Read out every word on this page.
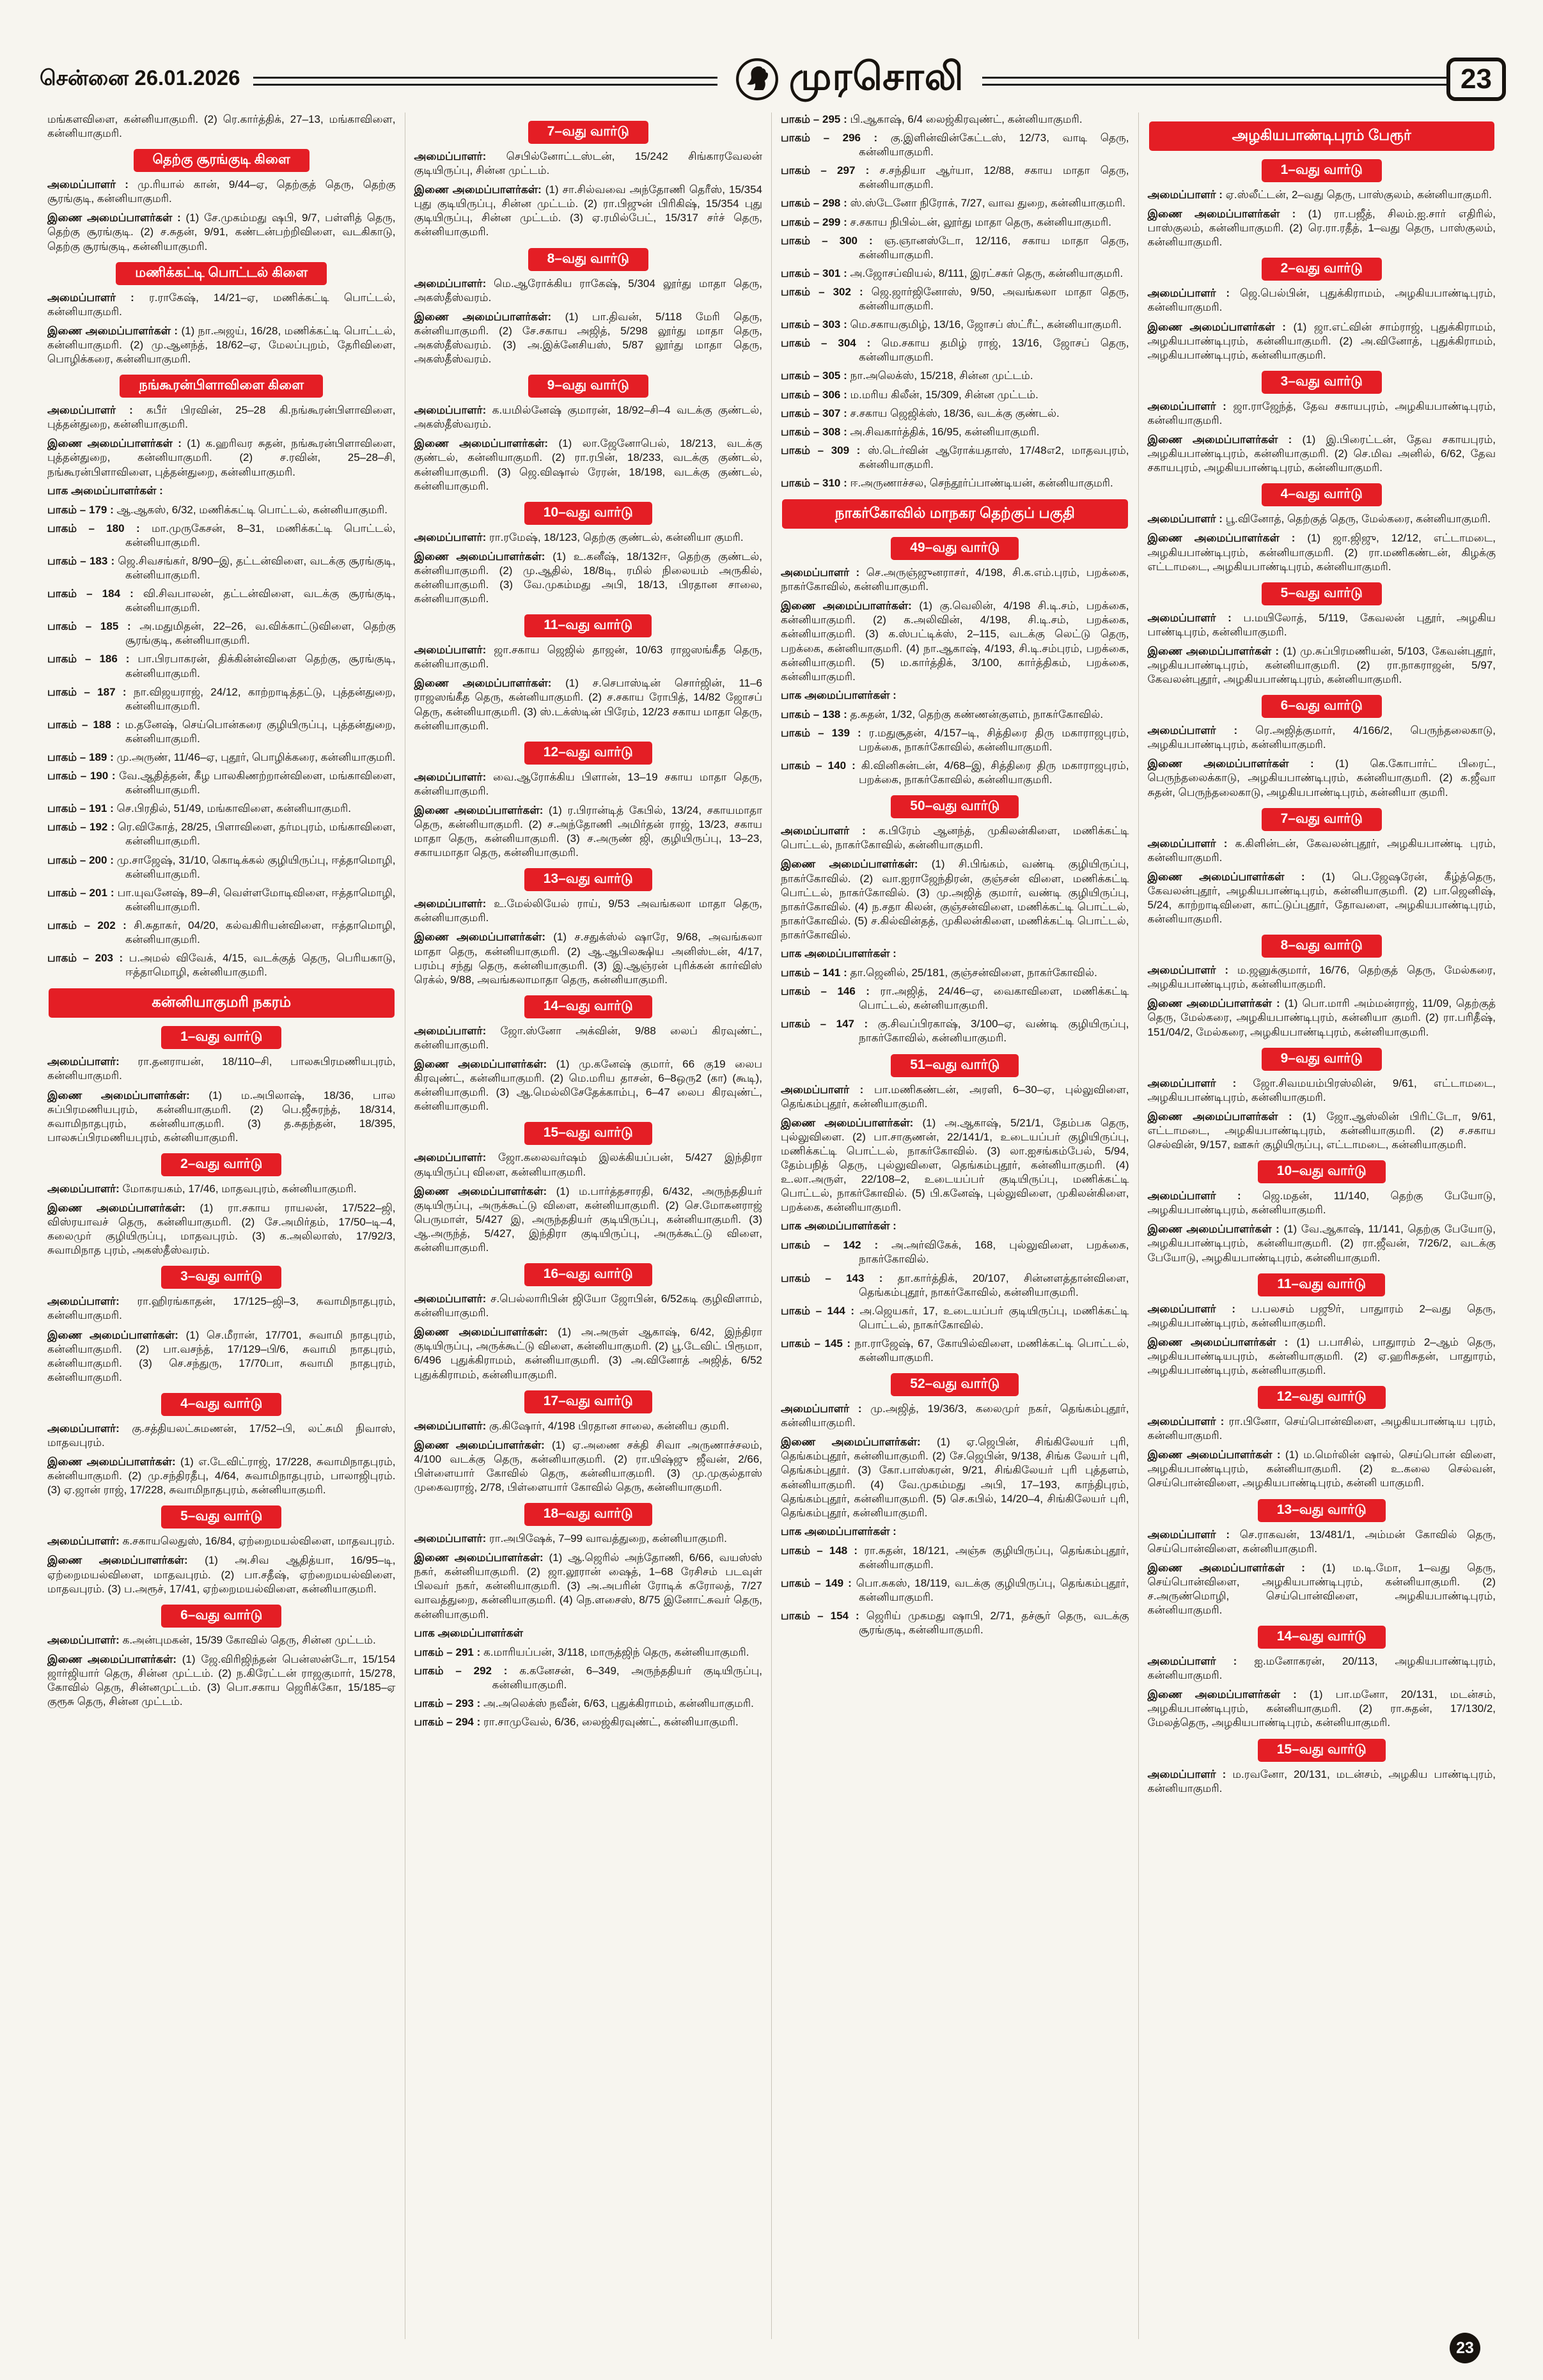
சென்னை 26.01.2026	முரசொலி	23
மங்களவிளை, கன்னியாகுமரி. (2) ரெ.கார்த்திக், 27–13, மங்காவிளை, கன்னியாகுமரி.
தெற்கு சூரங்குடி கிளை
அமைப்பாளர் : மு.ரியால் கான், 9/44–ஏ, தெற்குத் தெரு, தெற்கு சூரங்குடி, கன்னியாகுமரி.
இணை அமைப்பாளர்கள் : (1) சே.முகம்மது ஷபி, 9/7, பள்ளித் தெரு, தெற்கு சூரங்குடி. (2) ச.சுதன், 9/91, கண்டன்பற்றிவிளை, வடகிகாடு, தெற்கு சூரங்குடி, கன்னியாகுமரி.
மணிக்கட்டி பொட்டல் கிளை
அமைப்பாளர் : ர.ராகேஷ், 14/21–ஏ, மணிக்கட்டி பொட்டல், கன்னியாகுமரி.
இணை அமைப்பாளர்கள் : (1) நா.அஜய், 16/28, மணிக்கட்டி பொட்டல், கன்னியாகுமரி. (2) மு.ஆனந்த், 18/62–ஏ, மேலப்புறம், தேரிவிளை, பொழிக்கரை, கன்னியாகுமரி.
நங்கூரன்பிளாவிளை கிளை
அமைப்பாளர் : கபீர் பிரவின், 25–28 கி.நங்கூரன்பிளாவிளை, புத்தன்துறை, கன்னியாகுமரி.
இணை அமைப்பாளர்கள் : (1) க.ஹரிவர சுதன், நங்கூரன்பிளாவிளை, புத்தன்துறை, கன்னியாகுமரி. (2) ச.ரவின், 25–28–சி, நங்கூரன்பிளாவிளை, புத்தன்துறை, கன்னியாகுமரி.
பாக அமைப்பாளர்கள் :
பாகம் – 179 : ஆ.ஆகஸ், 6/32, மணிக்கட்டி பொட்டல், கன்னியாகுமரி.
பாகம் – 180 : மா.முருகேசன், 8–31, மணிக்கட்டி பொட்டல், கன்னியாகுமரி.
பாகம் – 183 : ஜெ.சிவசங்கர், 8/90–இ, தட்டன்விளை, வடக்கு சூரங்குடி, கன்னியாகுமரி.
பாகம் – 184 : வி.சிவபாலன், தட்டன்விளை, வடக்கு சூரங்குடி, கன்னியாகுமரி.
பாகம் – 185 : அ.மதுமிதன், 22–26, வ.விக்காட்டுவிளை, தெற்கு சூரங்குடி, கன்னியாகுமரி.
பாகம் – 186 : பா.பிரபாகரன், திக்கின்ன்விளை தெற்கு, சூரங்குடி, கன்னியாகுமரி.
பாகம் – 187 : நா.விஜயராஜ், 24/12, காற்றாடித்தட்டு, புத்தன்துறை, கன்னியாகுமரி.
பாகம் – 188 : ம.தனேஷ், செய்பொன்கரை குழியிருப்பு, புத்தன்துறை, கன்னியாகுமரி.
பாகம் – 189 : மு.அருண், 11/46–ஏ, புதூர், பொழிக்கரை, கன்னியாகுமரி.
பாகம் – 190 : வே.ஆதித்தன், கீழ பாலகிணற்றான்விளை, மங்காவிளை, கன்னியாகுமரி.
பாகம் – 191 : செ.பிரதில், 51/49, மங்காவிளை, கன்னியாகுமரி.
பாகம் – 192 : ரெ.விகோத், 28/25, பிளாவிளை, தர்மபுரம், மங்காவிளை, கன்னியாகுமரி.
பாகம் – 200 : மு.சாஜேஷ், 31/10, கொடிக்கல் குழியிருப்பு, ஈத்தாமொழி, கன்னியாகுமரி.
பாகம் – 201 : பா.யுவனேஷ், 89–சி, வெள்ளமோடிவிளை, ஈத்தாமொழி, கன்னியாகுமரி.
பாகம் – 202 : சி.சுதாகர், 04/20, கல்வகிரியன்விளை, ஈத்தாமொழி, கன்னியாகுமரி.
பாகம் – 203 : ப.அமல் விவேக், 4/15, வடக்குத் தெரு, பெரியகாடு, ஈத்தாமொழி, கன்னியாகுமரி.
கன்னியாகுமரி நகரம்
1–வது வார்டு
அமைப்பாளர்: ரா.தனராயன், 18/110–சி, பாலசுபிரமணியபுரம், கன்னியாகுமரி.
இணை அமைப்பாளர்கள்: (1) ம.அபிலாஷ், 18/36, பால சுப்பிரமணியபுரம், கன்னியாகுமரி. (2) பெ.ஜீசுரந்த், 18/314, சுவாமிநாதபுரம், கன்னியாகுமரி. (3) த.சுதந்தன், 18/395, பாலசுப்பிரமணியபுரம், கன்னியாகுமரி.
2–வது வார்டு
அமைப்பாளர்: மோகரயகம், 17/46, மாதவபுரம், கன்னியாகுமரி.
இணை அமைப்பாளர்கள்: (1) ரா.சகாய ராயலன், 17/522–ஜி, விஸ்ரயாவச் தெரு, கன்னியாகுமரி. (2) சே.அமிர்தம், 17/50–டி–4, கலைமுர் குழியிருப்பு, மாதவபுரம். (3) க.அலிலாஸ், 17/92/3, சுவாமிநாத புரம், அகஸ்தீஸ்வரம்.
3–வது வார்டு
அமைப்பாளர்: ரா.ஹிரங்காதன், 17/125–ஜி–3, சுவாமிநாதபுரம், கன்னியாகுமரி.
இணை அமைப்பாளர்கள்: (1) செ.மீரான், 17/701, சுவாமி நாதபுரம், கன்னியாகுமரி. (2) பா.வசந்த், 17/129–பி/6, சுவாமி நாதபுரம், கன்னியாகுமரி. (3) செ.சந்துரு, 17/70பா, சுவாமி நாதபுரம், கன்னியாகுமரி.
4–வது வார்டு
அமைப்பாளர்: கு.சத்தியலட்சுமணன், 17/52–பி, லட்சுமி நிவாஸ், மாதவபுரம்.
இணை அமைப்பாளர்கள்: (1) எ.டேவிட்ராஜ், 17/228, சுவாமிநாதபுரம், கன்னியாகுமரி. (2) மு.சந்திரதீபு, 4/64, சுவாமிநாதபுரம், பாலாஜிபுரம். (3) ஏ.ஜான் ராஜ், 17/228, சுவாமிநாதபுரம், கன்னியாகுமரி.
5–வது வார்டு
அமைப்பாளர்: க.சகாயலெதுஸ், 16/84, ஏற்றைமயல்விளை, மாதவபுரம்.
இணை அமைப்பாளர்கள்: (1) அ.சிவ ஆதித்யா, 16/95–டி, ஏற்றைமயல்விளை, மாதவபுரம். (2) பா.சதீஷ், ஏற்றைமயல்விளை, மாதவபுரம். (3) ப.அரூச், 17/41, ஏற்றைமயல்விளை, கன்னியாகுமரி.
6–வது வார்டு
அமைப்பாளர்: க.அன்புமகன், 15/39 கோவில் தெரு, சின்ன முட்டம்.
இணை அமைப்பாளர்கள்: (1) ஜே.விரிஜிந்தன் பென்ஸன்டோ, 15/154 ஜார்ஜியார் தெரு, சின்ன முட்டம். (2) ந.கிரேட்டன் ராஜகுமார், 15/278, கோவில் தெரு, சின்னமுட்டம். (3) பொ.சகாய ஜெரிக்கோ, 15/185–ஏ குரூசு தெரு, சின்ன முட்டம்.
7–வது வார்டு
அமைப்பாளர்: செபில்னோட்டஸ்டன், 15/242 சிங்காரவேலன் குடியிருப்பு, சின்ன முட்டம்.
இணை அமைப்பாளர்கள்: (1) சா.சில்வவை அந்தோணி தெரீஸ், 15/354 புது குடியிருப்பு, சின்ன முட்டம். (2) ரா.பிஜுன் பிரிகிஷ், 15/354 புது குடியிருப்பு, சின்ன முட்டம். (3) ஏ.ரமில்பேட், 15/317 சர்ச் தெரு, கன்னியாகுமரி.
8–வது வார்டு
அமைப்பாளர்: மெ.ஆரோக்கிய ராகேஷ், 5/304 லூர்து மாதா தெரு, அகஸ்தீஸ்வரம்.
இணை அமைப்பாளர்கள்: (1) பா.திவன், 5/118 மேரி தெரு, கன்னியாகுமரி. (2) சே.சகாய அஜித், 5/298 லூர்து மாதா தெரு, அகஸ்தீஸ்வரம். (3) அ.இக்னேசியஸ், 5/87 லூர்து மாதா தெரு, அகஸ்தீஸ்வரம்.
9–வது வார்டு
அமைப்பாளர்: க.யமில்னேஷ் குமாரன், 18/92–சி–4 வடக்கு குண்டல், அகஸ்தீஸ்வரம்.
இணை அமைப்பாளர்கள்: (1) லா.ஜேனோபெல், 18/213, வடக்கு குண்டல், கன்னியாகுமரி. (2) ரா.ரபின், 18/233, வடக்கு குண்டல், கன்னியாகுமரி. (3) ஜெ.விஷால் ரேரன், 18/198, வடக்கு குண்டல், கன்னியாகுமரி.
10–வது வார்டு
அமைப்பாளர்: ரா.ரமேஷ், 18/123, தெற்கு குண்டல், கன்னியா குமரி.
இணை அமைப்பாளர்கள்: (1) உ.கனீஷ், 18/132ஈ, தெற்கு குண்டல், கன்னியாகுமரி. (2) மு.ஆதில், 18/8டி, ரமில் நிலையம் அருகில், கன்னியாகுமரி. (3) வே.முகம்மது அபி, 18/13, பிரதான சாலை, கன்னியாகுமரி.
11–வது வார்டு
அமைப்பாளர்: ஜா.சகாய ஜெஜில் தாஜன், 10/63 ராஜஸங்கீத தெரு, கன்னியாகுமரி.
இணை அமைப்பாளர்கள்: (1) ச.செபாஸ்டின் சொர்ஜின், 11–6 ராஜஸங்கீத தெரு, கன்னியாகுமரி. (2) ச.சகாய ரோபித், 14/82 ஜோசப் தெரு, கன்னியாகுமரி. (3) ஸ்.டக்ஸ்டின் பிரேம், 12/23 சகாய மாதா தெரு, கன்னியாகுமரி.
12–வது வார்டு
அமைப்பாளர்: வை.ஆரோக்கிய பிளான், 13–19 சகாய மாதா தெரு, கன்னியாகுமரி.
இணை அமைப்பாளர்கள்: (1) ர.பிரான்டித் கேபில், 13/24, சகாயமாதா தெரு, கன்னியாகுமரி. (2) ச.அந்தோணி அமிர்தன் ராஜ், 13/23, சகாய மாதா தெரு, கன்னியாகுமரி. (3) ச.அருண் ஜி, குழியிருப்பு, 13–23, சகாயமாதா தெரு, கன்னியாகுமரி.
13–வது வார்டு
அமைப்பாளர்: உ.மேல்லியேல் ராய், 9/53 அவங்கலா மாதா தெரு, கன்னியாகுமரி.
இணை அமைப்பாளர்கள்: (1) ச.சதுக்ஸ்ல் ஷாரே, 9/68, அவங்கலா மாதா தெரு, கன்னியாகுமரி. (2) ஆ.ஆபிலக்ஷிய அனிஸ்டன், 4/17, பரம்பு சந்து தெரு, கன்னியாகுமரி. (3) இ.ஆஞ்ரன் புரிக்கன் கார்விஸ் ரெக்ல், 9/88, அவங்கலாமாதா தெரு, கன்னியாகுமரி.
14–வது வார்டு
அமைப்பாளர்: ஜோ.ஸ்னோ அக்வின், 9/88 லைப் கிரவுண்ட், கன்னியாகுமரி.
இணை அமைப்பாளர்கள்: (1) மு.கனேஷ் குமார், 66 கு19 லைப கிரவுண்ட், கன்னியாகுமரி. (2) மெ.மரிய தாசன், 6–8ஒரு2 (கா) (கூடி), கன்னியாகுமரி. (3) ஆ.மெல்லிசேதேக்காம்பு, 6–47 லைப கிரவுண்ட், கன்னியாகுமரி.
15–வது வார்டு
அமைப்பாளர்: ஜோ.கலைவர்ஷம் இலக்கியப்பன், 5/427 இந்திரா குடியிருப்பு விளை, கன்னியாகுமரி.
இணை அமைப்பாளர்கள்: (1) ம.பார்த்தசாரதி, 6/432, அருந்ததியர் குடியிருப்பு, அருக்கூட்டு விளை, கன்னியாகுமரி. (2) செ.மோகனராஜ் பெருமாள், 5/427 இ, அருந்ததியர் குடியிருப்பு, கன்னியாகுமரி. (3) ஆ.அருந்த், 5/427, இந்திரா குடியிருப்பு, அருக்கூட்டு விளை, கன்னியாகுமரி.
16–வது வார்டு
அமைப்பாளர்: ச.பெல்லாரிபின் ஜியோ ஜோபின், 6/52கடி குழிவிளாம், கன்னியாகுமரி.
இணை அமைப்பாளர்கள்: (1) அ.அருள் ஆகாஷ், 6/42, இந்திரா குடியிருப்பு, அருக்கூட்டு விளை, கன்னியாகுமரி. (2) பூ.டேவிட் பிரூமா, 6/496 புதுக்கிராமம், கன்னியாகுமரி. (3) அ.வினோத் அஜித், 6/52 புதுக்கிராமம், கன்னியாகுமரி.
17–வது வார்டு
அமைப்பாளர்: கு.கிஷோர், 4/198 பிரதான சாலை, கன்னிய குமரி.
இணை அமைப்பாளர்கள்: (1) ஏ.அணை சக்தி சிவா அருணாச்சலம், 4/100 வடக்கு தெரு, கன்னியாகுமரி. (2) ரா.யிஷ்ஜு ஜீவன், 2/66, பிள்ளையார் கோவில் தெரு, கன்னியாகுமரி. (3) மு.முகுல்தாஸ் முகைவராஜ், 2/78, பிள்ளையார் கோவில் தெரு, கன்னியாகுமரி.
18–வது வார்டு
அமைப்பாளர்: ரா.அபிஷேக், 7–99 வாவத்துறை, கன்னியாகுமரி.
இணை அமைப்பாளர்கள்: (1) ஆ.ஜெரில் அந்தோணி, 6/66, வயஸ்ஸ் நகர், கன்னியாகுமரி. (2) ஜா.லூரான் ஷைத், 1–68 ரேசிசம் படவுள் பிலவர் நகர், கன்னியாகுமரி. (3) அ.அபரின் ரோடிக் கரோலத், 7/27 வாவத்துறை, கன்னியாகுமரி. (4) நெ.ளசைஸ், 8/75 இனோட்சுவர் தெரு, கன்னியாகுமரி.
பாக அமைப்பாளர்கள்
பாகம் – 291 : க.மாரியப்பன், 3/118, மாருத்ஜிந் தெரு, கன்னியாகுமரி.
பாகம் – 292 : க.கனேசன், 6–349, அருந்ததியர் குடியிருப்பு, கன்னியாகுமரி.
பாகம் – 293 : அ.அலெக்ஸ் நவீன், 6/63, புதுக்கிராமம், கன்னியாகுமரி.
பாகம் – 294 : ரா.சாமுவேல், 6/36, லைஜ்கிரவுண்ட், கன்னியாகுமரி.
பாகம் – 295 : பி.ஆகாஷ், 6/4 லைஜ்கிரவுண்ட், கன்னியாகுமரி.
பாகம் – 296 : கு.இளின்வின்கேட்டஸ், 12/73, வாடி தெரு, கன்னியாகுமரி.
பாகம் – 297 : ச.சந்தியா ஆர்யா, 12/88, சகாய மாதா தெரு, கன்னியாகுமரி.
பாகம் – 298 : ஸ்.ஸ்டேனோ நிரோக், 7/27, வாவ துறை, கன்னியாகுமரி.
பாகம் – 299 : ச.சகாய நிபில்டன், லூர்து மாதா தெரு, கன்னியாகுமரி.
பாகம் – 300 : ஞ.ஞானஸ்டோ, 12/116, சகாய மாதா தெரு, கன்னியாகுமரி.
பாகம் – 301 : அ.ஜோசப்வியல், 8/111, இரட்சகர் தெரு, கன்னியாகுமரி.
பாகம் – 302 : ஜெ.ஜார்ஜினோஸ், 9/50, அவங்கலா மாதா தெரு, கன்னியாகுமரி.
பாகம் – 303 : மெ.சகாயகுமிழ், 13/16, ஜோசப் ஸ்ட்ரீட், கன்னியாகுமரி.
பாகம் – 304 : மெ.சகாய தமிழ் ராஜ், 13/16, ஜோசப் தெரு, கன்னியாகுமரி.
பாகம் – 305 : நா.அலெக்ஸ், 15/218, சின்ன முட்டம்.
பாகம் – 306 : ம.மரிய கிலீன், 15/309, சின்ன முட்டம்.
பாகம் – 307 : ச.சகாய ஜெஜிக்ஸ், 18/36, வடக்கு குண்டல்.
பாகம் – 308 : அ.சிவகார்த்திக், 16/95, கன்னியாகுமரி.
பாகம் – 309 : ஸ்.டெர்வின் ஆரோக்யதாஸ், 17/48எ2, மாதவபுரம், கன்னியாகுமரி.
பாகம் – 310 : ஈ.அருணாச்சல, செந்தூர்ப்பாண்டியன், கன்னியாகுமரி.
நாகர்கோவில் மாநகர தெற்குப் பகுதி
49–வது வார்டு
அமைப்பாளர் : செ.அருஞ்ஜுனராசர், 4/198, சி.க.எம்.புரம், பறக்கை, நாகர்கோவில், கன்னியாகுமரி.
இணை அமைப்பாளர்கள்: (1) கு.வெலின், 4/198 சி.டி.சம், பறக்கை, கன்னியாகுமரி. (2) க.அலிவின், 4/198, சி.டி.சம், பறக்கை, கன்னியாகுமரி. (3) க.ஸ்பட்டிக்ஸ், 2–115, வடக்கு லெட்டு தெரு, பறக்கை, கன்னியாகுமரி. (4) நா.ஆகாஷ், 4/193, சி.டி.சம்புரம், பறக்கை, கன்னியாகுமரி. (5) ம.கார்த்திக், 3/100, கார்த்திகம், பறக்கை, கன்னியாகுமரி.
பாக அமைப்பாளர்கள் :
பாகம் – 138 : த.சுதன், 1/32, தெற்கு கண்ணன்குளம், நாகர்கோவில்.
பாகம் – 139 : ர.மதுசூதன், 4/157–டி, சித்திரை திரு மகாராஜபுரம், பறக்கை, நாகர்கோவில், கன்னியாகுமரி.
பாகம் – 140 : கி.வினிசுன்டன், 4/68–இ, சித்திரை திரு மகாராஜபுரம், பறக்கை, நாகர்கோவில், கன்னியாகுமரி.
50–வது வார்டு
அமைப்பாளர் : க.பிரேம் ஆனந்த், முகிலன்கிளை, மணிக்கட்டி பொட்டல், நாகர்கோவில், கன்னியாகுமரி.
இணை அமைப்பாளர்கள்: (1) சி.பிங்கம், வண்டி குழியிருப்பு, நாகர்கோவில். (2) வா.ஐராஜேந்திரன், குஞ்சன் விளை, மணிக்கட்டி பொட்டல், நாகர்கோவில். (3) மு.அஜித் குமார், வண்டி குழியிருப்பு, நாகர்கோவில். (4) ந.சதா கிலன், குஞ்சன்விளை, மணிக்கட்டி பொட்டல், நாகர்கோவில். (5) ச.கில்வின்தத், முகிலன்கிளை, மணிக்கட்டி பொட்டல், நாகர்கோவில்.
பாக அமைப்பாளர்கள் :
பாகம் – 141 : தா.ஜெனில், 25/181, குஞ்சன்விளை, நாகர்கோவில்.
பாகம் – 146 : ரா.அஜித், 24/46–ஏ, வைகாவிளை, மணிக்கட்டி பொட்டல், கன்னியாகுமரி.
பாகம் – 147 : கு.சிவப்பிரகாஷ், 3/100–ஏ, வண்டி குழியிருப்பு, நாகர்கோவில், கன்னியாகுமரி.
51–வது வார்டு
அமைப்பாளர் : பா.மணிகண்டன், அரளி, 6–30–ஏ, புல்லுவிளை, தெங்கம்புதூர், கன்னியாகுமரி.
இணை அமைப்பாளர்கள்: (1) அ.ஆகாஷ், 5/21/1, தேம்பக தெரு, புல்லுவிளை. (2) பா.சாகுணன், 22/141/1, உடையப்பர் குழியிருப்பு, மணிக்கட்டி பொட்டல், நாகர்கோவில். (3) லா.ஐசங்கம்பேல், 5/94, தேம்பநித் தெரு, புல்லுவிளை, தெங்கம்புதூர், கன்னியாகுமரி. (4) உ.லா.அருள், 22/108–2, உடையப்பர் குடியிருப்பு, மணிக்கட்டி பொட்டல், நாகர்கோவில். (5) பி.கனேஷ், புல்லுவிளை, முகிலன்கிளை, பறக்கை, கன்னியாகுமரி.
பாக அமைப்பாளர்கள் :
பாகம் – 142 : அ.அர்விகேக், 168, புல்லுவிளை, பறக்கை, நாகர்கோவில்.
பாகம் – 143 : தா.கார்த்திக், 20/107, சின்னளத்தான்விளை, தெங்கம்புதூர், நாகர்கோவில், கன்னியாகுமரி.
பாகம் – 144 : அ.ஜெயகர், 17, உடையப்பர் குடியிருப்பு, மணிக்கட்டி பொட்டல், நாகர்கோவில்.
பாகம் – 145 : நா.ராஜேஷ், 67, கோயில்விளை, மணிக்கட்டி பொட்டல், கன்னியாகுமரி.
52–வது வார்டு
அமைப்பாளர் : மு.அஜித், 19/36/3, கலைமுர் நகர், தெங்கம்புதூர், கன்னியாகுமரி.
இணை அமைப்பாளர்கள்: (1) ஏ.ஜெபின், சிங்கிலேயர் புரி, தெங்கம்புதூர், கன்னியாகுமரி. (2) சே.ஜெபின், 9/138, சிங்க லேயர் புரி, தெங்கம்புதூர். (3) கோ.பாஸ்கரன், 9/21, சிங்கிலேயர் புரி புத்தளம், கன்னியாகுமரி. (4) வே.முகம்மது அபி, 17–193, காந்திபுரம், தெங்கம்புதூர், கன்னியாகுமரி. (5) செ.கபில், 14/20–4, சிங்கிலேயர் புரி, தெங்கம்புதூர், கன்னியாகுமரி.
பாக அமைப்பாளர்கள் :
பாகம் – 148 : ரா.சுதன், 18/121, அஞ்சு குழியிருப்பு, தெங்கம்புதூர், கன்னியாகுமரி.
பாகம் – 149 : பொ.சுகஸ், 18/119, வடக்கு குழியிருப்பு, தெங்கம்புதூர், கன்னியாகுமரி.
பாகம் – 154 : ஜெரிய் முகமது ஷாபி, 2/71, தச்சூர் தெரு, வடக்கு சூரங்குடி, கன்னியாகுமரி.
அழகியபாண்டிபுரம் பேரூர்
1–வது வார்டு
அமைப்பாளர் : ஏ.ஸ்லீட்டன், 2–வது தெரு, பாஸ்குலம், கன்னியாகுமரி.
இணை அமைப்பாளர்கள் : (1) ரா.பஜீத், சிலம்.ஐ.சார் எதிரில், பாஸ்குலம், கன்னியாகுமரி. (2) ரெ.ரா.ரதீத், 1–வது தெரு, பாஸ்குலம், கன்னியாகுமரி.
2–வது வார்டு
அமைப்பாளர் : ஜெ.பெல்பின், புதுக்கிராமம், அழகியபாண்டிபுரம், கன்னியாகுமரி.
இணை அமைப்பாளர்கள் : (1) ஜா.எட்வின் சாம்ராஜ், புதுக்கிராமம், அழகியபாண்டிபுரம், கன்னியாகுமரி. (2) அ.வினோத், புதுக்கிராமம், அழகியபாண்டிபுரம், கன்னியாகுமரி.
3–வது வார்டு
அமைப்பாளர் : ஜா.ராஜேந்த், தேவ சகாயபுரம், அழகியபாண்டிபுரம், கன்னியாகுமரி.
இணை அமைப்பாளர்கள் : (1) இ.பிரைட்டன், தேவ சகாயபுரம், அழகியபாண்டிபுரம், கன்னியாகுமரி. (2) செ.மிவ அனில், 6/62, தேவ சகாயபுரம், அழகியபாண்டிபுரம், கன்னியாகுமரி.
4–வது வார்டு
அமைப்பாளர் : பூ.வினோத், தெற்குத் தெரு, மேல்கரை, கன்னியாகுமரி.
இணை அமைப்பாளர்கள் : (1) ஜா.ஜிஜு, 12/12, எட்டாமடை, அழகியபாண்டிபுரம், கன்னியாகுமரி. (2) ரா.மணிகண்டன், கிழக்கு எட்டாமடை, அழகியபாண்டிபுரம், கன்னியாகுமரி.
5–வது வார்டு
அமைப்பாளர் : ப.மயிலோத், 5/119, கேவலன் புதூர், அழகிய பாண்டிபுரம், கன்னியாகுமரி.
இணை அமைப்பாளர்கள் : (1) மு.சுப்பிரமணியன், 5/103, கேவன்புதூர், அழகியபாண்டிபுரம், கன்னியாகுமரி. (2) ரா.நாகராஜன், 5/97, கேவலன்புதூர், அழகியபாண்டிபுரம், கன்னியாகுமரி.
6–வது வார்டு
அமைப்பாளர் : ரெ.அஜித்குமார், 4/166/2, பெருந்தலைகாடு, அழகியபாண்டிபுரம், கன்னியாகுமரி.
இணை அமைப்பாளர்கள் : (1) கெ.கோபார்ட் பிரைட், பெருந்தலைக்காடு, அழகியபாண்டிபுரம், கன்னியாகுமரி. (2) க.ஜீவா சுதன், பெருந்தலைகாடு, அழகியபாண்டிபுரம், கன்னியா குமரி.
7–வது வார்டு
அமைப்பாளர் : க.கிளின்டன், கேவலன்புதூர், அழகியபாண்டி புரம், கன்னியாகுமரி.
இணை அமைப்பாளர்கள் : (1) பெ.ஜேஷரேன், கீழ்த்தெரு, கேவலன்புதூர், அழகியபாண்டிபுரம், கன்னியாகுமரி. (2) பா.ஜெனிஷ், 5/24, காற்றாடிவிளை, காட்டுப்புதூர், தோவளை, அழகியபாண்டிபுரம், கன்னியாகுமரி.
8–வது வார்டு
அமைப்பாளர் : ம.ஜனுக்குமார், 16/76, தெற்குத் தெரு, மேல்கரை, அழகியபாண்டிபுரம், கன்னியாகுமரி.
இணை அமைப்பாளர்கள் : (1) பொ.மாரி அம்மன்ராஜ், 11/09, தெற்குத் தெரு, மேல்கரை, அழகியபாண்டிபுரம், கன்னியா குமரி. (2) ரா.பரிதீஷ், 151/04/2, மேல்கரை, அழகியபாண்டிபுரம், கன்னியாகுமரி.
9–வது வார்டு
அமைப்பாளர் : ஜோ.சிவமயம்பிரஸ்லின், 9/61, எட்டாமடை, அழகியபாண்டிபுரம், கன்னியாகுமரி.
இணை அமைப்பாளர்கள் : (1) ஜோ.ஆஸ்லின் பிரிட்டோ, 9/61, எட்டாமடை, அழகியபாண்டிபுரம், கன்னியாகுமரி. (2) ச.சகாய செல்வின், 9/157, ஊசுர் குழியிருப்பு, எட்டாமடை, கன்னியாகுமரி.
10–வது வார்டு
அமைப்பாளர் : ஜெ.மதன், 11/140, தெற்கு பேயோடு, அழகியபாண்டிபுரம், கன்னியாகுமரி.
இணை அமைப்பாளர்கள் : (1) வே.ஆகாஷ், 11/141, தெற்கு பேயோடு, அழகியபாண்டிபுரம், கன்னியாகுமரி. (2) ரா.ஜீவன், 7/26/2, வடக்கு பேயோடு, அழகியபாண்டிபுரம், கன்னியாகுமரி.
11–வது வார்டு
அமைப்பாளர் : ப.பலசம் பஜூர், பாதுாரம் 2–வது தெரு, அழகியபாண்டிபுரம், கன்னியாகுமரி.
இணை அமைப்பாளர்கள் : (1) ப.பாசில், பாதுாரம் 2–ஆம் தெரு, அழகியபாண்டியபுரம், கன்னியாகுமரி. (2) ஏ.ஹரிசுதன், பாதுாரம், அழகியபாண்டிபுரம், கன்னியாகுமரி.
12–வது வார்டு
அமைப்பாளர் : ரா.பினோ, செய்பொன்விளை, அழகியபாண்டிய புரம், கன்னியாகுமரி.
இணை அமைப்பாளர்கள் : (1) ம.மெர்லின் ஷால், செய்பொன் விளை, அழகியபாண்டிபுரம், கன்னியாகுமரி. (2) உ.கலை செல்வன், செய்பொன்விளை, அழகியபாண்டிபுரம், கன்னி யாகுமரி.
13–வது வார்டு
அமைப்பாளர் : செ.ராகவன், 13/481/1, அம்மன் கோவில் தெரு, செய்பொன்விளை, கன்னியாகுமரி.
இணை அமைப்பாளர்கள் : (1) ம.டி.மோ, 1–வது தெரு, செய்பொன்விளை, அழகியபாண்டிபுரம், கன்னியாகுமரி. (2) ச.அருண்மொழி, செய்பொன்விளை, அழகியபாண்டிபுரம், கன்னியாகுமரி.
14–வது வார்டு
அமைப்பாளர் : ஐ.மனோகரன், 20/113, அழகியபாண்டிபுரம், கன்னியாகுமரி.
இணை அமைப்பாளர்கள் : (1) பா.மனோ, 20/131, மடன்சம், அழகியபாண்டிபுரம், கன்னியாகுமரி. (2) ரா.சுதன், 17/130/2, மேலத்தெரு, அழகியபாண்டிபுரம், கன்னியாகுமரி.
15–வது வார்டு
அமைப்பாளர் : ம.ரவனோ, 20/131, மடன்சம், அழகிய பாண்டிபுரம், கன்னியாகுமரி.
23
